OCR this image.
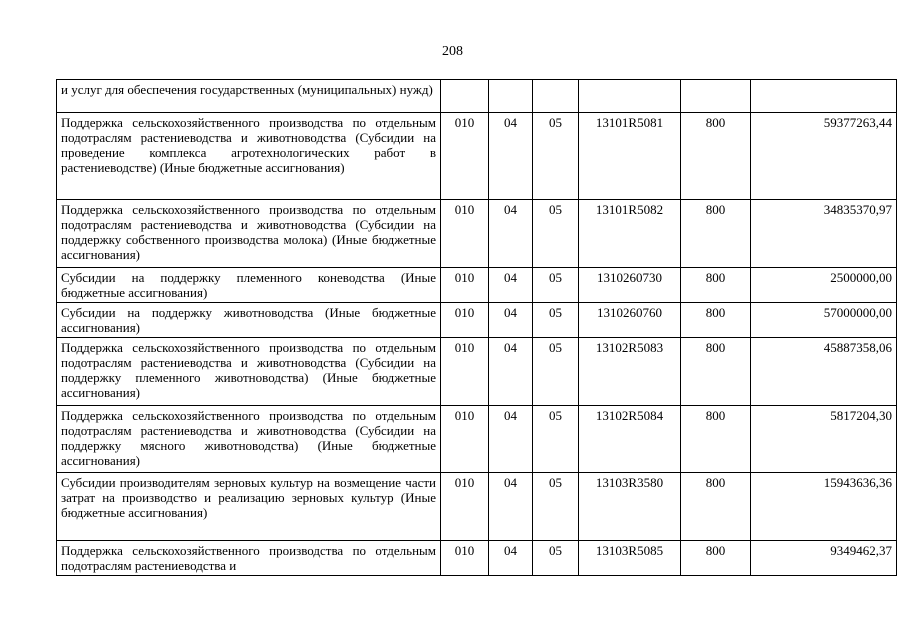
208
и услуг для обеспечения государственных (муниципальных) нужд)						
Поддержка сельскохозяйственного производства по отдельным подотраслям растениеводства и животноводства (Субсидии на проведение комплекса агротехнологических работ в растениеводстве) (Иные бюджетные ассигнования)	010	04	05	13101R5081	800	59377263,44
Поддержка сельскохозяйственного производства по отдельным подотраслям растениеводства и животноводства (Субсидии на поддержку собственного производства молока) (Иные бюджетные ассигнования)	010	04	05	13101R5082	800	34835370,97
Субсидии на поддержку племенного коневодства (Иные бюджетные ассигнования)	010	04	05	1310260730	800	2500000,00
Субсидии на поддержку животноводства (Иные бюджетные ассигнования)	010	04	05	1310260760	800	57000000,00
Поддержка сельскохозяйственного производства по отдельным подотраслям растениеводства и животноводства (Субсидии на поддержку племенного животноводства) (Иные бюджетные ассигнования)	010	04	05	13102R5083	800	45887358,06
Поддержка сельскохозяйственного производства по отдельным подотраслям растениеводства и животноводства (Субсидии на поддержку мясного животноводства) (Иные бюджетные ассигнования)	010	04	05	13102R5084	800	5817204,30
Субсидии производителям зерновых культур на возмещение части затрат на производство и реализацию зерновых культур (Иные бюджетные ассигнования)	010	04	05	13103R3580	800	15943636,36
Поддержка сельскохозяйственного производства по отдельным подотраслям растениеводства и	010	04	05	13103R5085	800	9349462,37
